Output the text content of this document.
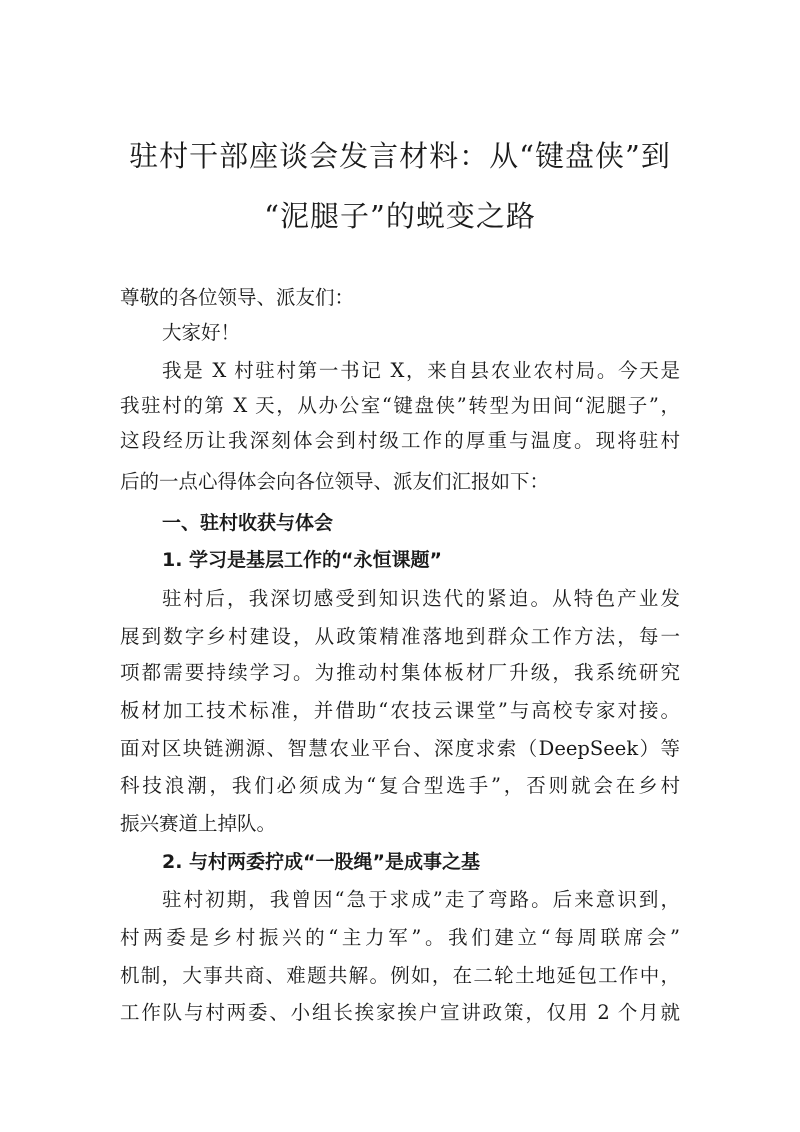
驻村干部座谈会发言材料：从“键盘侠”到
“泥腿子”的蜕变之路
尊敬的各位领导、派友们：
大家好！
我是 X 村驻村第一书记 X，来自县农业农村局。今天是
我驻村的第 X 天，从办公室“键盘侠”转型为田间“泥腿子”，
这段经历让我深刻体会到村级工作的厚重与温度。现将驻村
后的一点心得体会向各位领导、派友们汇报如下：
一、驻村收获与体会
1. 学习是基层工作的“永恒课题”
驻村后，我深切感受到知识迭代的紧迫。从特色产业发
展到数字乡村建设，从政策精准落地到群众工作方法，每一
项都需要持续学习。为推动村集体板材厂升级，我系统研究
板材加工技术标准，并借助“农技云课堂”与高校专家对接。
面对区块链溯源、智慧农业平台、深度求索（DeepSeek）等
科技浪潮，我们必须成为“复合型选手”，否则就会在乡村
振兴赛道上掉队。
2. 与村两委拧成“一股绳”是成事之基
驻村初期，我曾因“急于求成”走了弯路。后来意识到，
村两委是乡村振兴的“主力军”。我们建立“每周联席会”
机制，大事共商、难题共解。例如，在二轮土地延包工作中，
工作队与村两委、小组长挨家挨户宣讲政策，仅用 2 个月就
